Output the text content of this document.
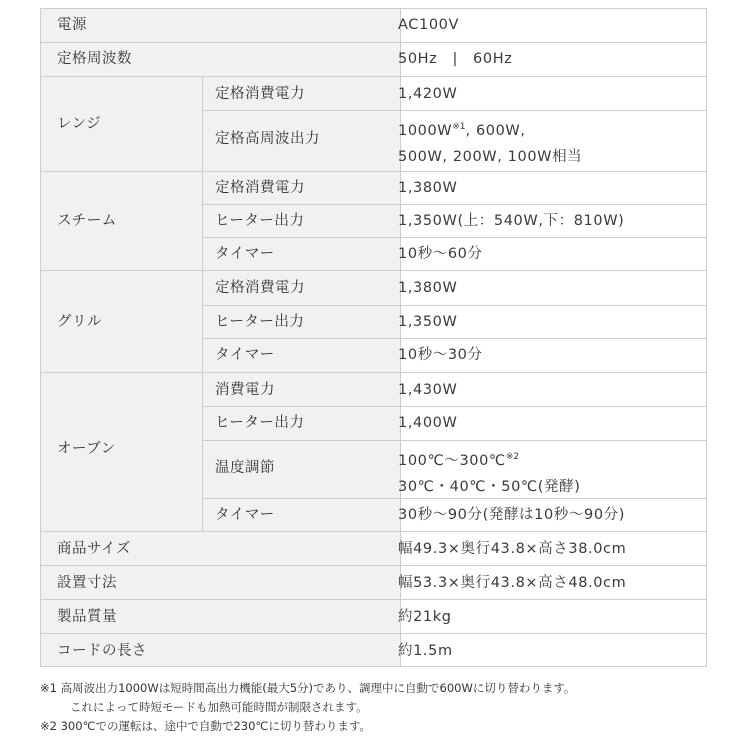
電源	AC100V
定格周波数	50Hz　|　60Hz
レンジ
定格消費電力	1,420W
定格高周波出力	1000W$^{※1}$, 600W,
500W, 200W, 100W相当
スチーム
定格消費電力	1,380W
ヒーター出力	1,350W(上：540W,下：810W)
タイマー	10秒〜60分
グリル
定格消費電力	1,380W
ヒーター出力	1,350W
タイマー	10秒〜30分
オーブン
消費電力	1,430W
ヒーター出力	1,400W
温度調節	100℃〜300℃$^{※2}$
30℃・40℃・50℃(発酵)
タイマー	30秒〜90分(発酵は10秒〜90分)
商品サイズ	幅49.3×奥行43.8×高さ38.0cm
設置寸法	幅53.3×奥行43.8×高さ48.0cm
製品質量	約21kg
コードの長さ	約1.5m
※1 高周波出力1000Wは短時間高出力機能(最大5分)であり、調理中に自動で600Wに切り替わります。
これによって時短モードも加熱可能時間が制限されます。
※2 300℃での運転は、途中で自動で230℃に切り替わります。
